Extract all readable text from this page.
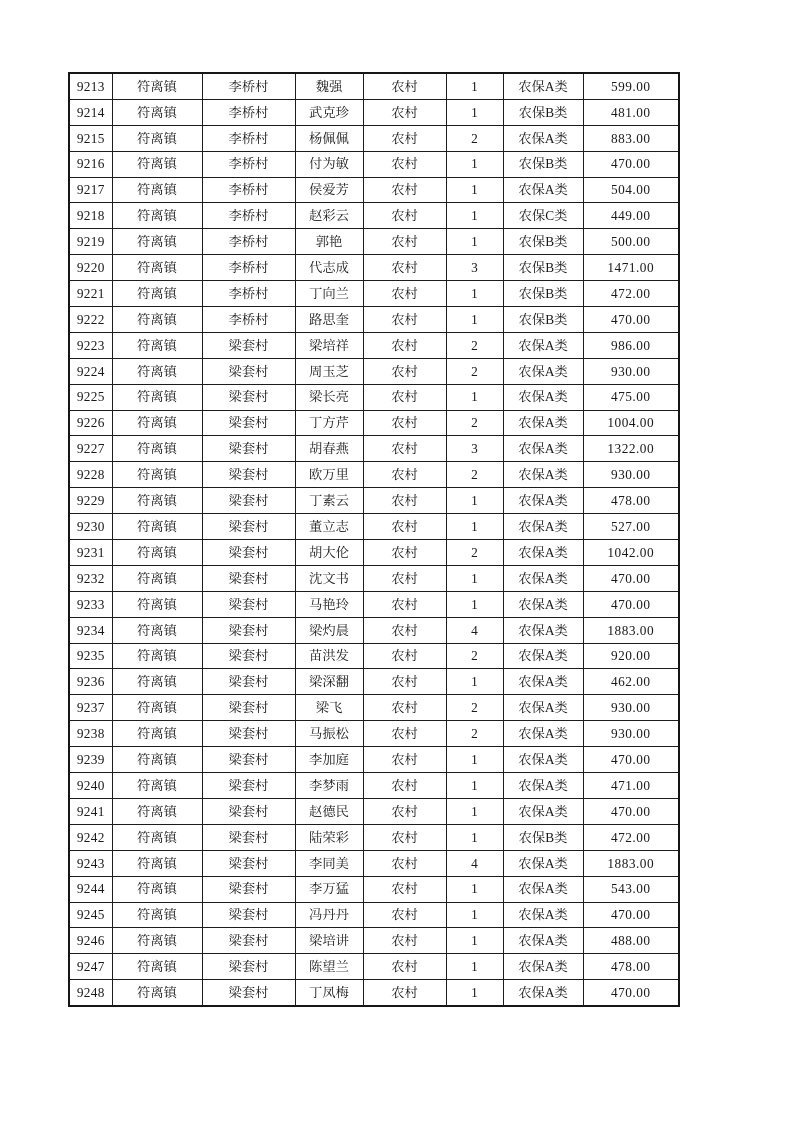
9213	符离镇	李桥村	魏强	农村	1	农保A类	599.00
9214	符离镇	李桥村	武克珍	农村	1	农保B类	481.00
9215	符离镇	李桥村	杨佩佩	农村	2	农保A类	883.00
9216	符离镇	李桥村	付为敏	农村	1	农保B类	470.00
9217	符离镇	李桥村	侯爱芳	农村	1	农保A类	504.00
9218	符离镇	李桥村	赵彩云	农村	1	农保C类	449.00
9219	符离镇	李桥村	郭艳	农村	1	农保B类	500.00
9220	符离镇	李桥村	代志成	农村	3	农保B类	1471.00
9221	符离镇	李桥村	丁向兰	农村	1	农保B类	472.00
9222	符离镇	李桥村	路思奎	农村	1	农保B类	470.00
9223	符离镇	梁套村	梁培祥	农村	2	农保A类	986.00
9224	符离镇	梁套村	周玉芝	农村	2	农保A类	930.00
9225	符离镇	梁套村	梁长亮	农村	1	农保A类	475.00
9226	符离镇	梁套村	丁方芹	农村	2	农保A类	1004.00
9227	符离镇	梁套村	胡春燕	农村	3	农保A类	1322.00
9228	符离镇	梁套村	欧万里	农村	2	农保A类	930.00
9229	符离镇	梁套村	丁素云	农村	1	农保A类	478.00
9230	符离镇	梁套村	董立志	农村	1	农保A类	527.00
9231	符离镇	梁套村	胡大伦	农村	2	农保A类	1042.00
9232	符离镇	梁套村	沈文书	农村	1	农保A类	470.00
9233	符离镇	梁套村	马艳玲	农村	1	农保A类	470.00
9234	符离镇	梁套村	梁灼晨	农村	4	农保A类	1883.00
9235	符离镇	梁套村	苗洪发	农村	2	农保A类	920.00
9236	符离镇	梁套村	梁深翻	农村	1	农保A类	462.00
9237	符离镇	梁套村	梁飞	农村	2	农保A类	930.00
9238	符离镇	梁套村	马振松	农村	2	农保A类	930.00
9239	符离镇	梁套村	李加庭	农村	1	农保A类	470.00
9240	符离镇	梁套村	李梦雨	农村	1	农保A类	471.00
9241	符离镇	梁套村	赵德民	农村	1	农保A类	470.00
9242	符离镇	梁套村	陆荣彩	农村	1	农保B类	472.00
9243	符离镇	梁套村	李同美	农村	4	农保A类	1883.00
9244	符离镇	梁套村	李万猛	农村	1	农保A类	543.00
9245	符离镇	梁套村	冯丹丹	农村	1	农保A类	470.00
9246	符离镇	梁套村	梁培讲	农村	1	农保A类	488.00
9247	符离镇	梁套村	陈望兰	农村	1	农保A类	478.00
9248	符离镇	梁套村	丁凤梅	农村	1	农保A类	470.00
